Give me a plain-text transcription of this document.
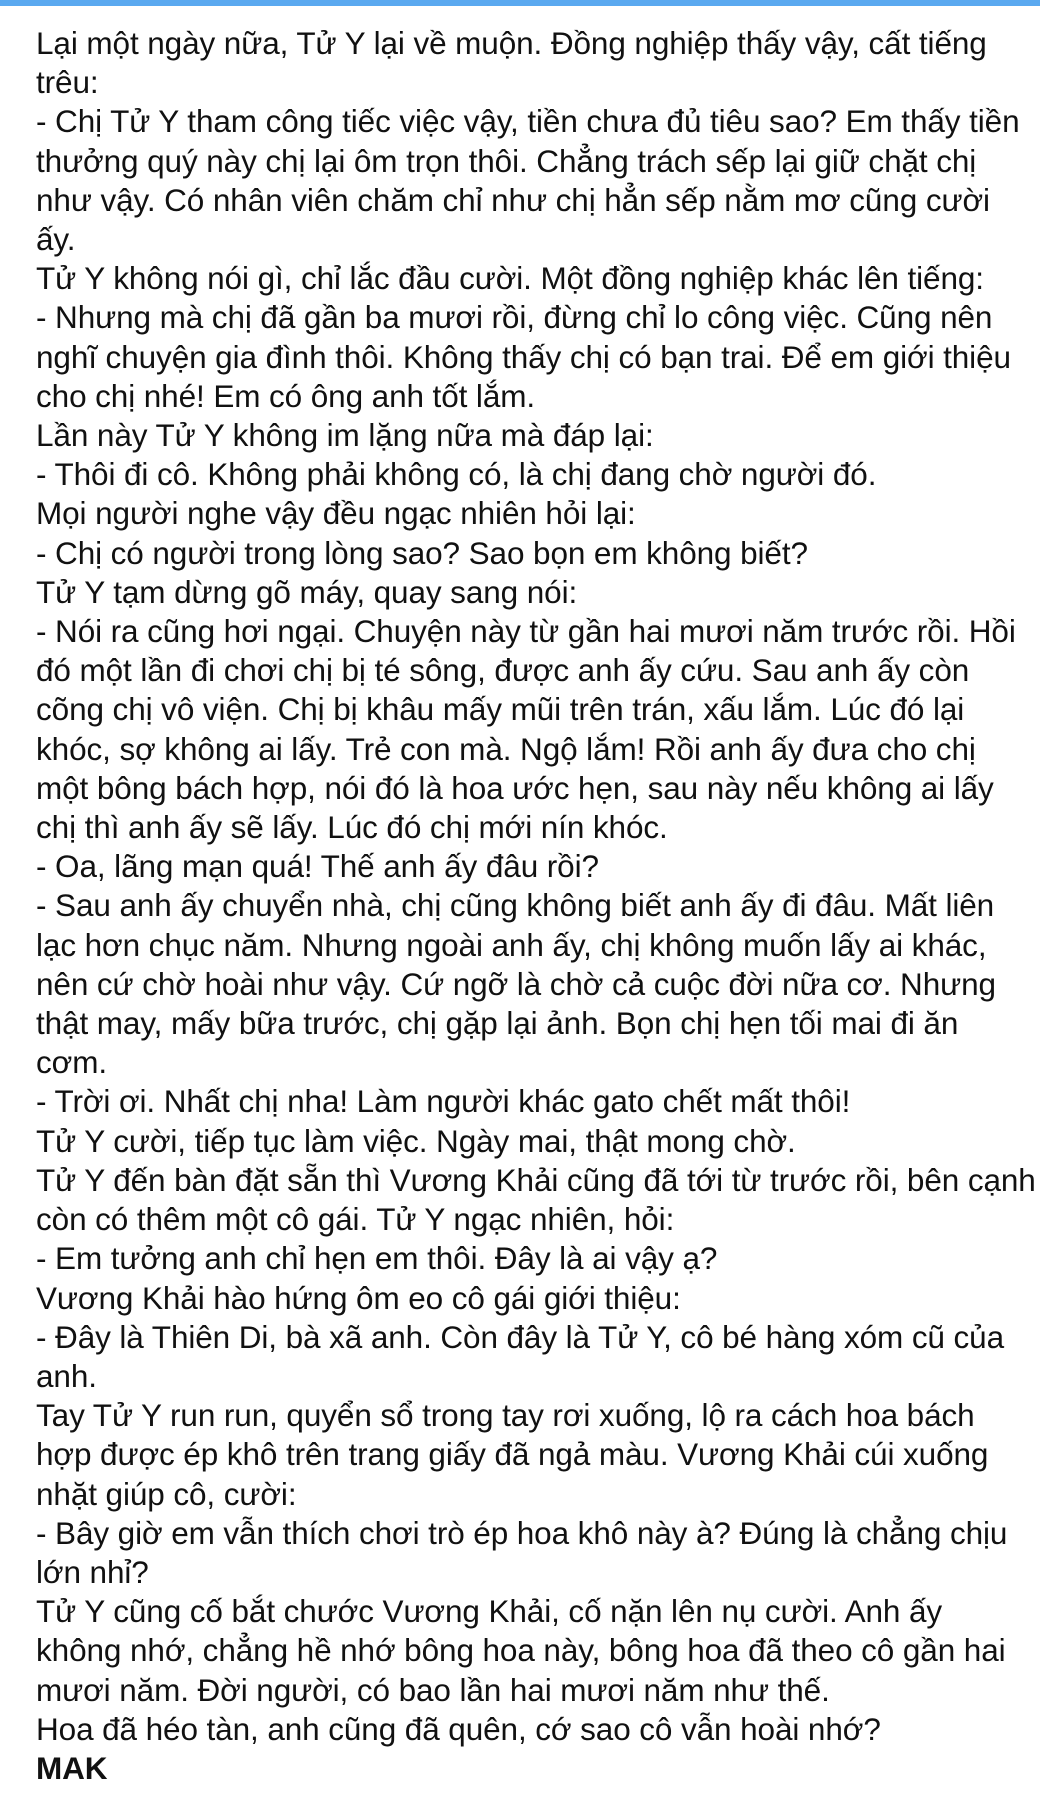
Lại một ngày nữa, Tử Y lại về muộn. Đồng nghiệp thấy vậy, cất tiếng trêu:

- Chị Tử Y tham công tiếc việc vậy, tiền chưa đủ tiêu sao? Em thấy tiền thưởng quý này chị lại ôm trọn thôi. Chẳng trách sếp lại giữ chặt chị như vậy. Có nhân viên chăm chỉ như chị hẳn sếp nằm mơ cũng cười ấy.

Tử Y không nói gì, chỉ lắc đầu cười. Một đồng nghiệp khác lên tiếng:

- Nhưng mà chị đã gần ba mươi rồi, đừng chỉ lo công việc. Cũng nên nghĩ chuyện gia đình thôi. Không thấy chị có bạn trai. Để em giới thiệu cho chị nhé! Em có ông anh tốt lắm.

Lần này Tử Y không im lặng nữa mà đáp lại:

- Thôi đi cô. Không phải không có, là chị đang chờ người đó.

Mọi người nghe vậy đều ngạc nhiên hỏi lại:

- Chị có người trong lòng sao? Sao bọn em không biết?

Tử Y tạm dừng gõ máy, quay sang nói:

- Nói ra cũng hơi ngại. Chuyện này từ gần hai mươi năm trước rồi. Hồi đó một lần đi chơi chị bị té sông, được anh ấy cứu. Sau anh ấy còn cõng chị vô viện. Chị bị khâu mấy mũi trên trán, xấu lắm. Lúc đó lại khóc, sợ không ai lấy. Trẻ con mà. Ngộ lắm! Rồi anh ấy đưa cho chị một bông bách hợp, nói đó là hoa ước hẹn, sau này nếu không ai lấy chị thì anh ấy sẽ lấy. Lúc đó chị mới nín khóc.

- Oa, lãng mạn quá! Thế anh ấy đâu rồi?

- Sau anh ấy chuyển nhà, chị cũng không biết anh ấy đi đâu. Mất liên lạc hơn chục năm. Nhưng ngoài anh ấy, chị không muốn lấy ai khác, nên cứ chờ hoài như vậy. Cứ ngỡ là chờ cả cuộc đời nữa cơ. Nhưng thật may, mấy bữa trước, chị gặp lại ảnh. Bọn chị hẹn tối mai đi ăn cơm.

- Trời ơi. Nhất chị nha! Làm người khác gato chết mất thôi!

Tử Y cười, tiếp tục làm việc. Ngày mai, thật mong chờ.

Tử Y đến bàn đặt sẵn thì Vương Khải cũng đã tới từ trước rồi, bên cạnh còn có thêm một cô gái. Tử Y ngạc nhiên, hỏi:

- Em tưởng anh chỉ hẹn em thôi. Đây là ai vậy ạ?

Vương Khải hào hứng ôm eo cô gái giới thiệu:

- Đây là Thiên Di, bà xã anh. Còn đây là Tử Y, cô bé hàng xóm cũ của anh.

Tay Tử Y run run, quyển sổ trong tay rơi xuống, lộ ra cách hoa bách hợp được ép khô trên trang giấy đã ngả màu. Vương Khải cúi xuống nhặt giúp cô, cười:

- Bây giờ em vẫn thích chơi trò ép hoa khô này à? Đúng là chẳng chịu lớn nhỉ?

Tử Y cũng cố bắt chước Vương Khải, cố nặn lên nụ cười. Anh ấy không nhớ, chẳng hề nhớ bông hoa này, bông hoa đã theo cô gần hai mươi năm. Đời người, có bao lần hai mươi năm như thế.

Hoa đã héo tàn, anh cũng đã quên, cớ sao cô vẫn hoài nhớ?

MAK
